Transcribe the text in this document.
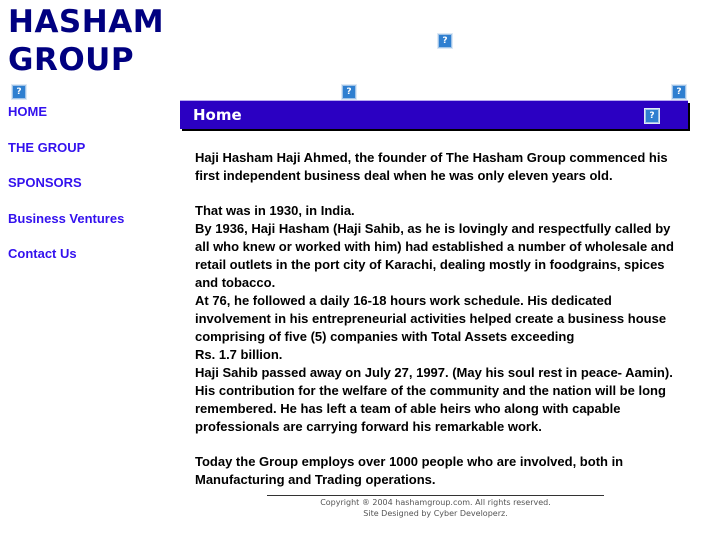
HASHAM
GROUP
?
?	?	?
HOME
THE GROUP
SPONSORS
Business Ventures
Contact Us
Home	?

Haji Hasham Haji Ahmed, the founder of The Hasham Group commenced his
first independent business deal when he was only eleven years old.

That was in 1930, in India.
By 1936, Haji Hasham (Haji Sahib, as he is lovingly and respectfully called by
all who knew or worked with him) had established a number of wholesale and
retail outlets in the port city of Karachi, dealing mostly in foodgrains, spices
and tobacco.
At 76, he followed a daily 16-18 hours work schedule. His dedicated
involvement in his entrepreneurial activities helped create a business house
comprising of five (5) companies with Total Assets exceeding
Rs. 1.7 billion.
Haji Sahib passed away on July 27, 1997. (May his soul rest in peace- Aamin).
His contribution for the welfare of the community and the nation will be long
remembered. He has left a team of able heirs who along with capable
professionals are carrying forward his remarkable work.

Today the Group employs over 1000 people who are involved, both in
Manufacturing and Trading operations.

Copyright ® 2004 hashamgroup.com. All rights reserved.
Site Designed by Cyber Developerz.
